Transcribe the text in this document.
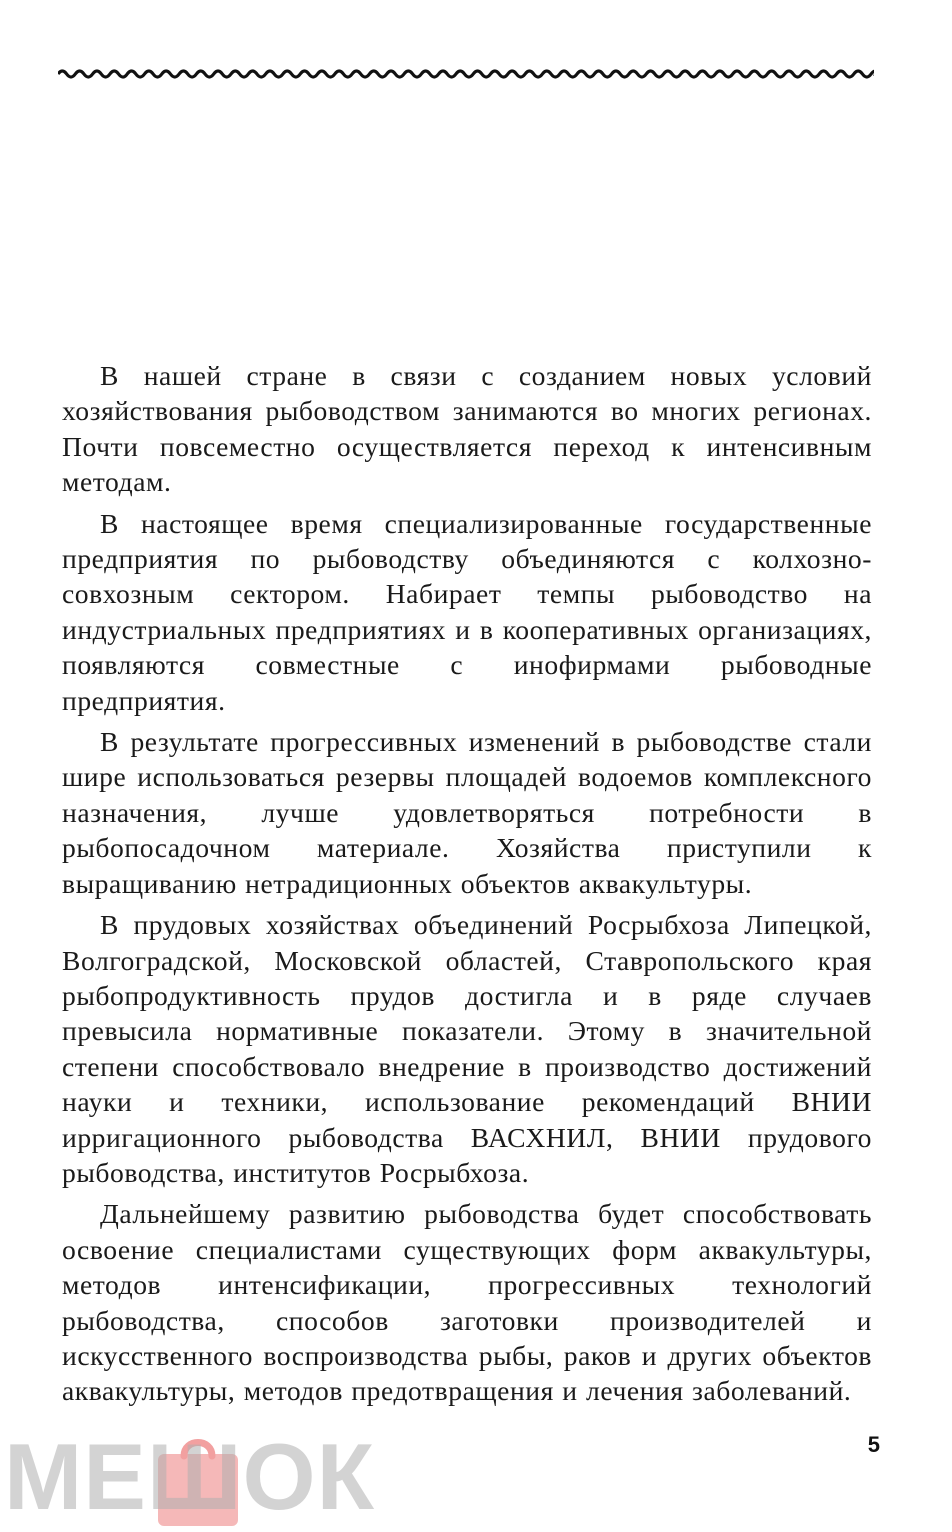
В нашей стране в связи с созданием новых условий хозяйствования рыбоводством занимаются во многих регионах. Почти повсеместно осуществляется переход к интенсивным методам.

В настоящее время специализированные государственные предприятия по рыбоводству объединяются с колхозно-совхозным сектором. Набирает темпы рыбоводство на индустриальных предприятиях и в кооперативных организациях, появляются совместные с инофирмами рыбоводные предприятия.

В результате прогрессивных изменений в рыбоводстве стали шире использоваться резервы площадей водоемов комплексного назначения, лучше удовлетворяться потребности в рыбопосадочном материале. Хозяйства приступили к выращиванию нетрадиционных объектов аквакультуры.

В прудовых хозяйствах объединений Росрыбхоза Липецкой, Волгоградской, Московской областей, Ставропольского края рыбопродуктивность прудов достигла и в ряде случаев превысила нормативные показатели. Этому в значительной степени способствовало внедрение в производство достижений науки и техники, использование рекомендаций ВНИИ ирригационного рыбоводства ВАСХНИЛ, ВНИИ прудового рыбоводства, институтов Росрыбхоза.

Дальнейшему развитию рыбоводства будет способствовать освоение специалистами существующих форм аквакультуры, методов интенсификации, прогрессивных технологий рыбоводства, способов заготовки производителей и искусственного воспроизводства рыбы, раков и других объектов аквакультуры, методов предотвращения и лечения заболеваний.

5
МЕШОК
